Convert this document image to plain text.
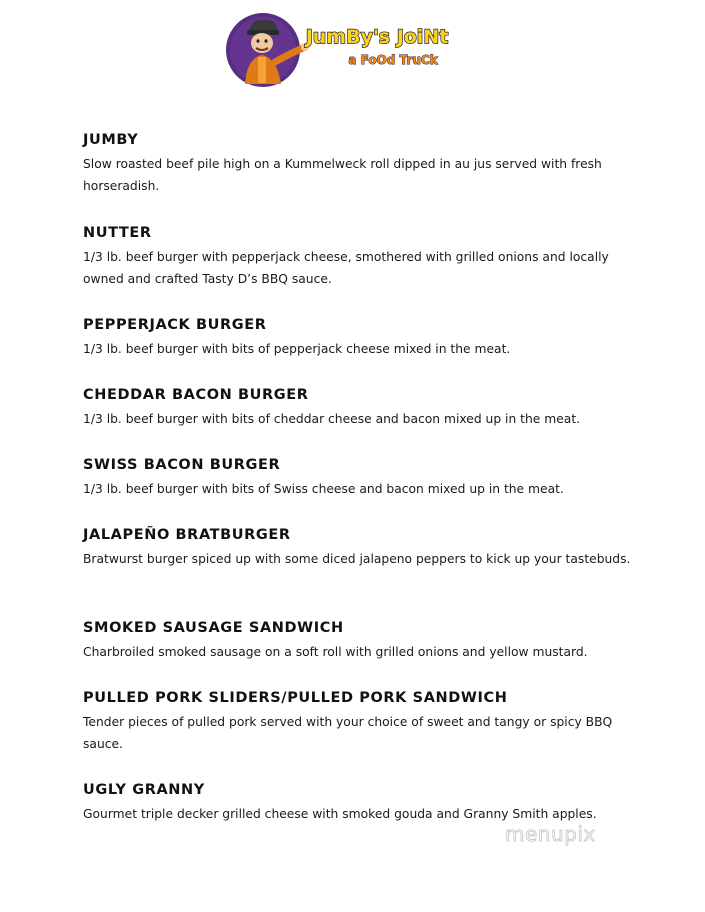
JumBy's JoiNt
a FoOd TruCk
JUMBY

Slow roasted beef pile high on a Kummelweck roll dipped in au jus served with fresh horseradish.

NUTTER

1/3 lb. beef burger with pepperjack cheese, smothered with grilled onions and locally owned and crafted Tasty D’s BBQ sauce.

PEPPERJACK BURGER

1/3 lb. beef burger with bits of pepperjack cheese mixed in the meat.

CHEDDAR BACON BURGER

1/3 lb. beef burger with bits of cheddar cheese and bacon mixed up in the meat.

SWISS BACON BURGER

1/3 lb. beef burger with bits of Swiss cheese and bacon mixed up in the meat.

JALAPEÑO BRATBURGER

Bratwurst burger spiced up with some diced jalapeno peppers to kick up your tastebuds.

SMOKED SAUSAGE SANDWICH

Charbroiled smoked sausage on a soft roll with grilled onions and yellow mustard.

PULLED PORK SLIDERS/PULLED PORK SANDWICH

Tender pieces of pulled pork served with your choice of sweet and tangy or spicy BBQ sauce.

UGLY GRANNY

Gourmet triple decker grilled cheese with smoked gouda and Granny Smith apples.

menupix
